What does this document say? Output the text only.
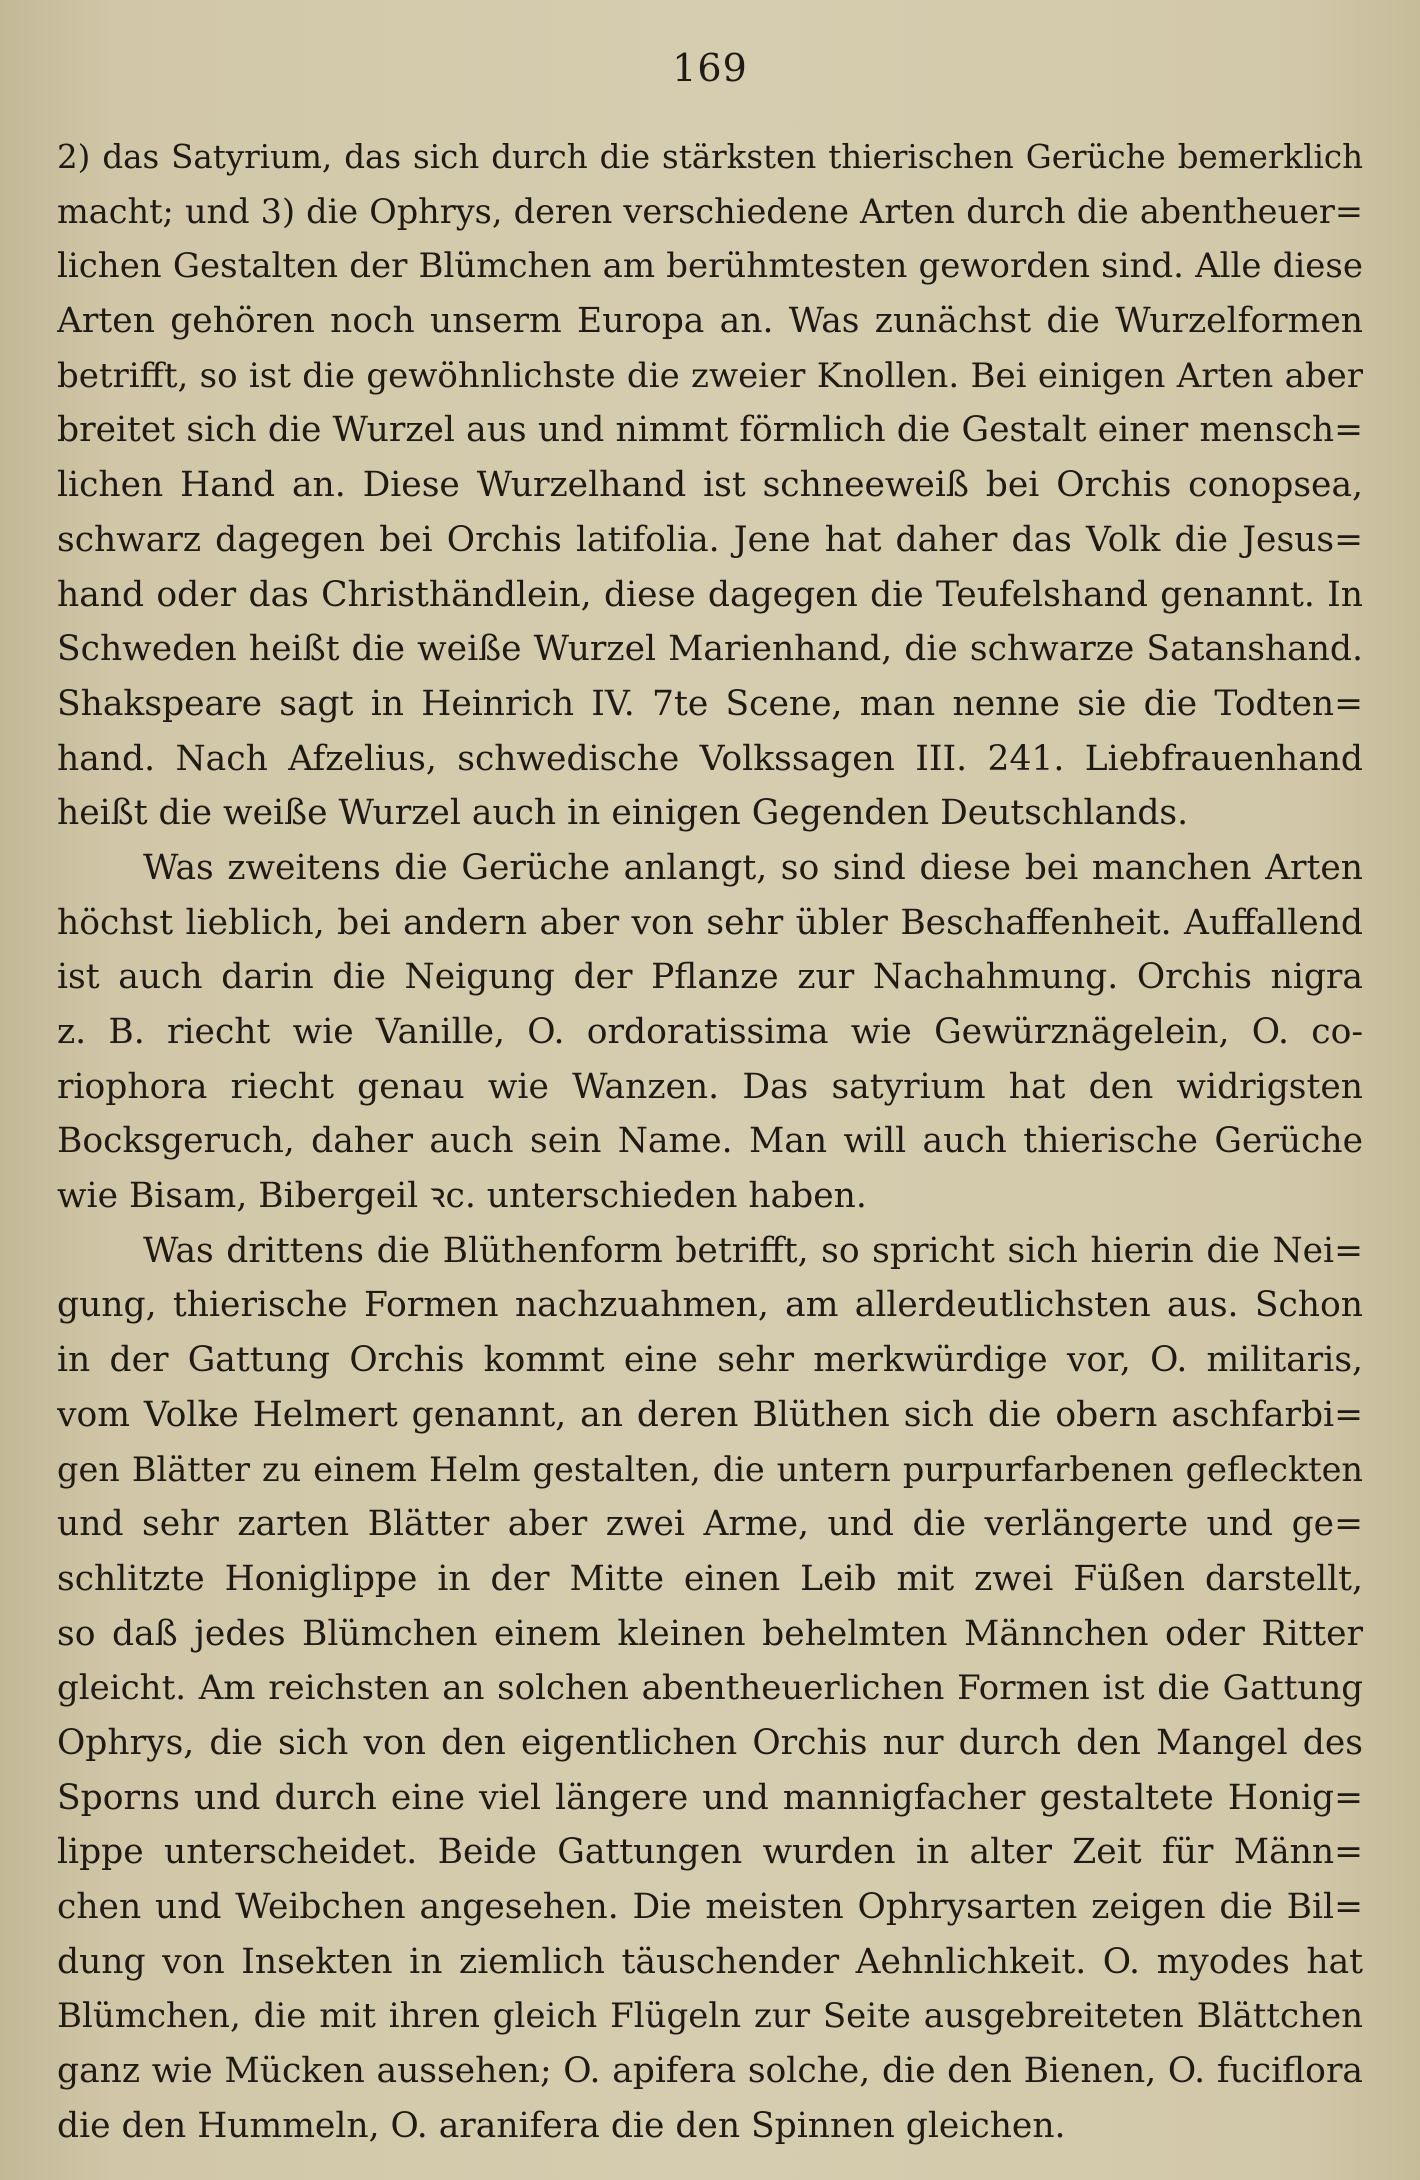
169
2) das Satyrium, das sich durch die stärksten thierischen Gerüche bemerklich
macht; und 3) die Ophrys, deren verschiedene Arten durch die abentheuer=
lichen Gestalten der Blümchen am berühmtesten geworden sind. Alle diese
Arten gehören noch unserm Europa an. Was zunächst die Wurzelformen
betrifft, so ist die gewöhnlichste die zweier Knollen. Bei einigen Arten aber
breitet sich die Wurzel aus und nimmt förmlich die Gestalt einer mensch=
lichen Hand an. Diese Wurzelhand ist schneeweiß bei Orchis conopsea,
schwarz dagegen bei Orchis latifolia. Jene hat daher das Volk die Jesus=
hand oder das Christhändlein, diese dagegen die Teufelshand genannt. In
Schweden heißt die weiße Wurzel Marienhand, die schwarze Satanshand.
Shakspeare sagt in Heinrich IV. 7te Scene, man nenne sie die Todten=
hand. Nach Afzelius, schwedische Volkssagen III. 241. Liebfrauenhand
heißt die weiße Wurzel auch in einigen Gegenden Deutschlands.
Was zweitens die Gerüche anlangt, so sind diese bei manchen Arten
höchst lieblich, bei andern aber von sehr übler Beschaffenheit. Auffallend
ist auch darin die Neigung der Pflanze zur Nachahmung. Orchis nigra
z. B. riecht wie Vanille, O. ordoratissima wie Gewürznägelein, O. co-
riophora riecht genau wie Wanzen. Das satyrium hat den widrigsten
Bocksgeruch, daher auch sein Name. Man will auch thierische Gerüche
wie Bisam, Bibergeil ꝛc. unterschieden haben.
Was drittens die Blüthenform betrifft, so spricht sich hierin die Nei=
gung, thierische Formen nachzuahmen, am allerdeutlichsten aus. Schon
in der Gattung Orchis kommt eine sehr merkwürdige vor, O. militaris,
vom Volke Helmert genannt, an deren Blüthen sich die obern aschfarbi=
gen Blätter zu einem Helm gestalten, die untern purpurfarbenen gefleckten
und sehr zarten Blätter aber zwei Arme, und die verlängerte und ge=
schlitzte Honiglippe in der Mitte einen Leib mit zwei Füßen darstellt,
so daß jedes Blümchen einem kleinen behelmten Männchen oder Ritter
gleicht. Am reichsten an solchen abentheuerlichen Formen ist die Gattung
Ophrys, die sich von den eigentlichen Orchis nur durch den Mangel des
Sporns und durch eine viel längere und mannigfacher gestaltete Honig=
lippe unterscheidet. Beide Gattungen wurden in alter Zeit für Männ=
chen und Weibchen angesehen. Die meisten Ophrysarten zeigen die Bil=
dung von Insekten in ziemlich täuschender Aehnlichkeit. O. myodes hat
Blümchen, die mit ihren gleich Flügeln zur Seite ausgebreiteten Blättchen
ganz wie Mücken aussehen; O. apifera solche, die den Bienen, O. fuciflora
die den Hummeln, O. aranifera die den Spinnen gleichen.
